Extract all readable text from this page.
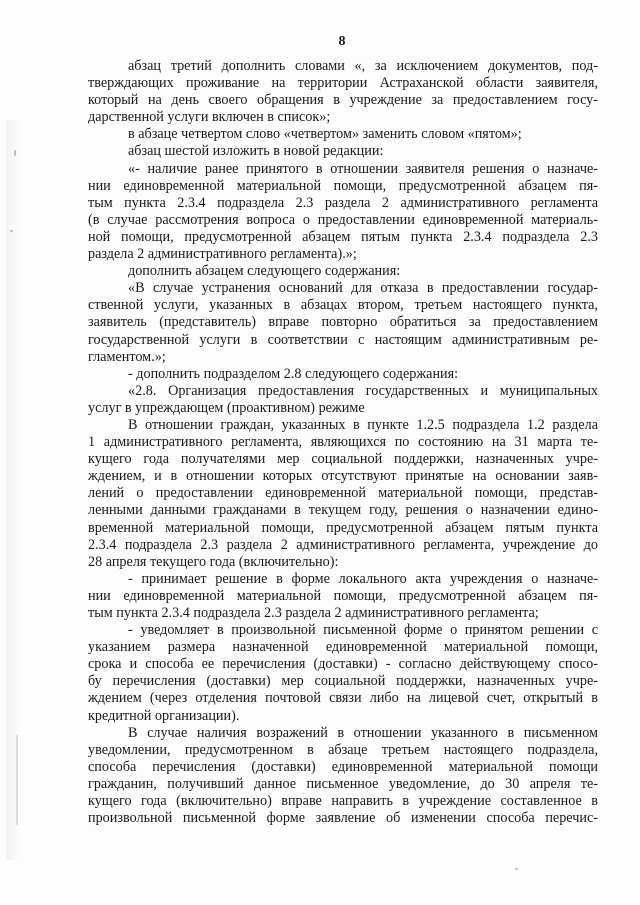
8
абзац третий дополнить словами «, за исключением документов, под-
тверждающих проживание на территории Астраханской области заявителя,
который на день своего обращения в учреждение за предоставлением госу-
дарственной услуги включен в список»;
в абзаце четвертом слово «четвертом» заменить словом «пятом»;
абзац шестой изложить в новой редакции:
«- наличие ранее принятого в отношении заявителя решения о назначе-
нии единовременной материальной помощи, предусмотренной абзацем пя-
тым пункта 2.3.4 подраздела 2.3 раздела 2 административного регламента
(в случае рассмотрения вопроса о предоставлении единовременной материаль-
ной помощи, предусмотренной абзацем пятым пункта 2.3.4 подраздела 2.3
раздела 2 административного регламента).»;
дополнить абзацем следующего содержания:
«В случае устранения оснований для отказа в предоставлении государ-
ственной услуги, указанных в абзацах втором, третьем настоящего пункта,
заявитель (представитель) вправе повторно обратиться за предоставлением
государственной услуги в соответствии с настоящим административным ре-
гламентом.»;
- дополнить подразделом 2.8 следующего содержания:
«2.8. Организация предоставления государственных и муниципальных
услуг в упреждающем (проактивном) режиме
В отношении граждан, указанных в пункте 1.2.5 подраздела 1.2 раздела
1 административного регламента, являющихся по состоянию на 31 марта те-
кущего года получателями мер социальной поддержки, назначенных учре-
ждением, и в отношении которых отсутствуют принятые на основании заяв-
лений о предоставлении единовременной материальной помощи, представ-
ленными данными гражданами в текущем году, решения о назначении едино-
временной материальной помощи, предусмотренной абзацем пятым пункта
2.3.4 подраздела 2.3 раздела 2 административного регламента, учреждение до
28 апреля текущего года (включительно):
- принимает решение в форме локального акта учреждения о назначе-
нии единовременной материальной помощи, предусмотренной абзацем пя-
тым пункта 2.3.4 подраздела 2.3 раздела 2 административного регламента;
- уведомляет в произвольной письменной форме о принятом решении с
указанием размера назначенной единовременной материальной помощи,
срока и способа ее перечисления (доставки) - согласно действующему спосо-
бу перечисления (доставки) мер социальной поддержки, назначенных учре-
ждением (через отделения почтовой связи либо на лицевой счет, открытый в
кредитной организации).
В случае наличия возражений в отношении указанного в письменном
уведомлении, предусмотренном в абзаце третьем настоящего подраздела,
способа перечисления (доставки) единовременной материальной помощи
гражданин, получивший данное письменное уведомление, до 30 апреля те-
кущего года (включительно) вправе направить в учреждение составленное в
произвольной письменной форме заявление об изменении способа перечис-
